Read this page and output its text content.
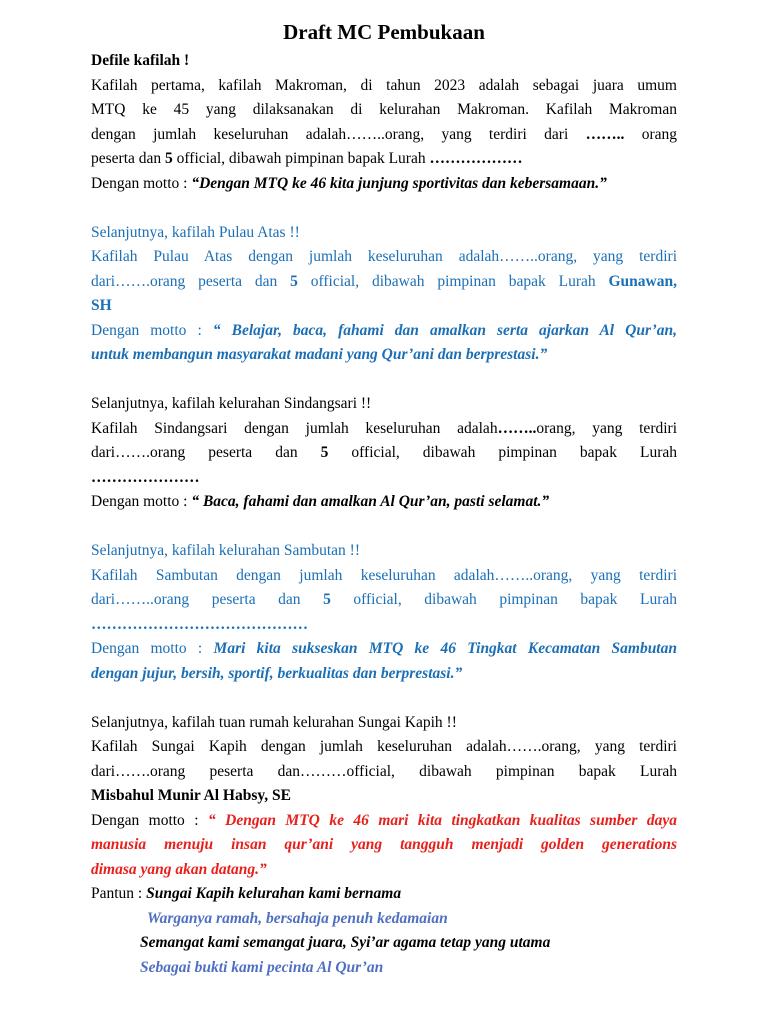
Draft MC Pembukaan
Defile kafilah !
Kafilah pertama, kafilah Makroman, di tahun 2023 adalah sebagai juara umum
MTQ ke 45 yang dilaksanakan di kelurahan Makroman. Kafilah Makroman
dengan jumlah keseluruhan adalah……..orang, yang terdiri dari …….. orang
peserta dan 5 official, dibawah pimpinan bapak Lurah ………………
Dengan motto : “Dengan MTQ ke 46 kita junjung sportivitas dan kebersamaan.”
Selanjutnya, kafilah Pulau Atas !!
Kafilah Pulau Atas dengan jumlah keseluruhan adalah……..orang, yang terdiri
dari…….orang peserta dan 5 official, dibawah pimpinan bapak Lurah Gunawan,
SH
Dengan motto : “ Belajar, baca, fahami dan amalkan serta ajarkan Al Qur’an,
untuk membangun masyarakat madani yang Qur’ani dan berprestasi.”
Selanjutnya, kafilah kelurahan Sindangsari !!
Kafilah Sindangsari dengan jumlah keseluruhan adalah……..orang, yang terdiri
dari…….orang peserta dan 5 official, dibawah pimpinan bapak Lurah
…………………
Dengan motto : “ Baca, fahami dan amalkan Al Qur’an, pasti selamat.”
Selanjutnya, kafilah kelurahan Sambutan !!
Kafilah Sambutan dengan jumlah keseluruhan adalah……..orang, yang terdiri
dari……..orang peserta dan 5 official, dibawah pimpinan bapak Lurah
……………………………………
Dengan motto : Mari kita sukseskan MTQ ke 46 Tingkat Kecamatan Sambutan
dengan jujur, bersih, sportif, berkualitas dan berprestasi.”
Selanjutnya, kafilah tuan rumah kelurahan Sungai Kapih !!
Kafilah Sungai Kapih dengan jumlah keseluruhan adalah…….orang, yang terdiri
dari…….orang peserta dan………official, dibawah pimpinan bapak Lurah
Misbahul Munir Al Habsy, SE
Dengan motto : “ Dengan MTQ ke 46 mari kita tingkatkan kualitas sumber daya
manusia menuju insan qur’ani yang tangguh menjadi golden generations
dimasa yang akan datang.”
Pantun : Sungai Kapih kelurahan kami bernama
Warganya ramah, bersahaja penuh kedamaian
Semangat kami semangat juara, Syi’ar agama tetap yang utama
Sebagai bukti kami pecinta Al Qur’an
